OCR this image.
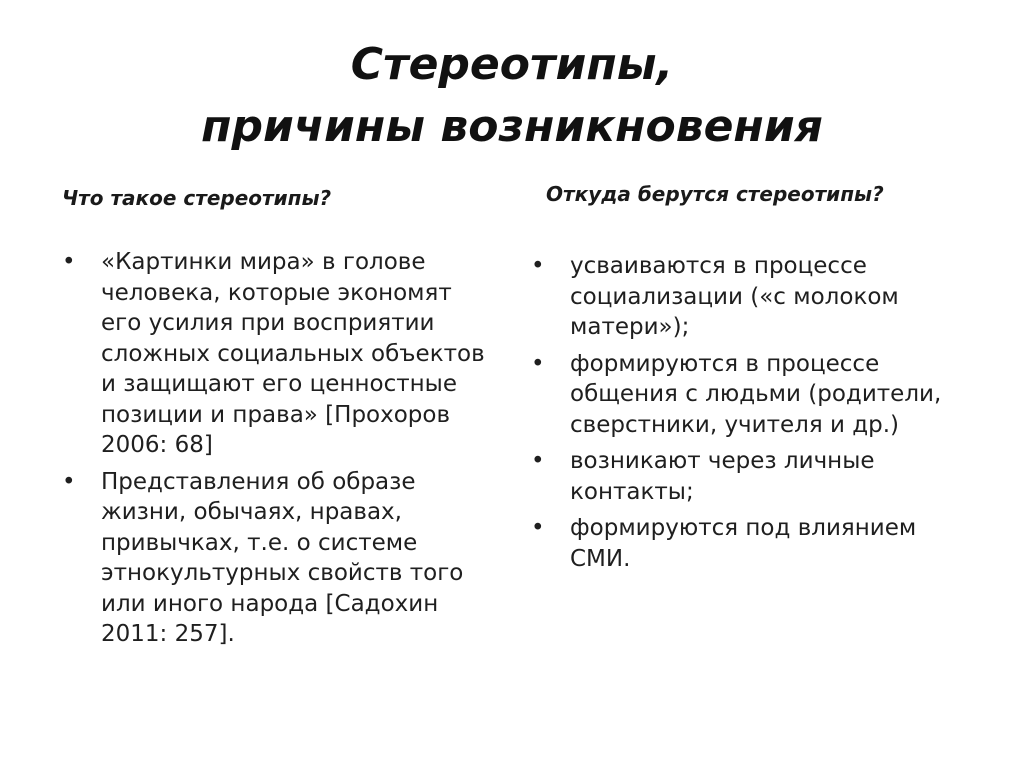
Стереотипы,
причины возникновения
Что такое стереотипы?	Откуда берутся стереотипы?
• «Картинки мира» в голове человека, которые экономят его усилия при восприятии сложных социальных объектов и защищают его ценностные позиции и права» [Прохоров 2006: 68]
• Представления об образе жизни, обычаях, нравах, привычках, т.е. о системе этнокультурных свойств того или иного народа [Садохин 2011: 257].
• усваиваются в процессе социализации («с молоком матери»);
• формируются в процессе общения с людьми (родители, сверстники, учителя и др.)
• возникают через личные контакты;
• формируются под влиянием СМИ.
